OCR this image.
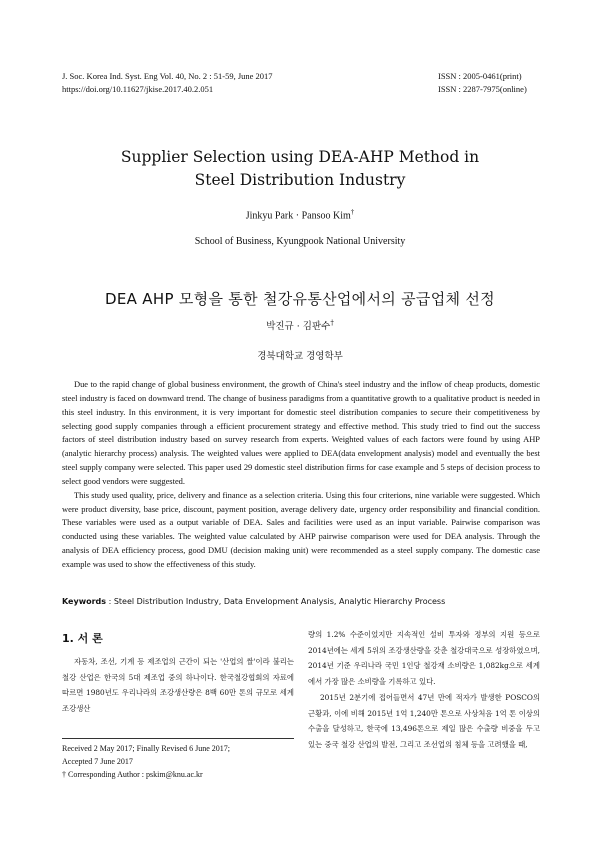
J. Soc. Korea Ind. Syst. Eng Vol. 40, No. 2 : 51-59, June 2017
https://doi.org/10.11627/jkise.2017.40.2.051
ISSN : 2005-0461(print)
ISSN : 2287-7975(online)
Supplier Selection using DEA-AHP Method in
Steel Distribution Industry
Jinkyu Park · Pansoo Kim†
School of Business, Kyungpook National University
DEA AHP 모형을 통한 철강유통산업에서의 공급업체 선정
박진규 · 김판수†
경북대학교 경영학부

Due to the rapid change of global business environment, the growth of China's steel industry and the inflow of cheap products, domestic steel industry is faced on downward trend. The change of business paradigms from a quantitative growth to a qualitative product is needed in this steel industry. In this environment, it is very important for domestic steel distribution companies to secure their competitiveness by selecting good supply companies through a efficient procurement strategy and effective method. This study tried to find out the success factors of steel distribution industry based on survey research from experts. Weighted values of each factors were found by using AHP (analytic hierarchy process) analysis. The weighted values were applied to DEA(data envelopment analysis) model and eventually the best steel supply company were selected. This paper used 29 domestic steel distribution firms for case example and 5 steps of decision process to select good vendors were suggested.

This study used quality, price, delivery and finance as a selection criteria. Using this four criterions, nine variable were suggested. Which were product diversity, base price, discount, payment position, average delivery date, urgency order responsibility and financial condition. These variables were used as a output variable of DEA. Sales and facilities were used as an input variable. Pairwise comparison was conducted using these variables. The weighted value calculated by AHP pairwise comparison were used for DEA analysis. Through the analysis of DEA efficiency process, good DMU (decision making unit) were recommended as a steel supply company. The domestic case example was used to show the effectiveness of this study.

Keywords : Steel Distribution Industry, Data Envelopment Analysis, Analytic Hierarchy Process
1. 서 론

자동차, 조선, 기계 등 제조업의 근간이 되는 '산업의 쌀'이라 불리는 철강 산업은 한국의 5대 제조업 중의 하나이다. 한국철강협회의 자료에 따르면 1980년도 우리나라의 조강생산량은 8백 60만 톤의 규모로 세계 조강생산

Received 2 May 2017; Finally Revised 6 June 2017;
Accepted 7 June 2017
† Corresponding Author : pskim@knu.ac.kr

량의 1.2% 수준이었지만 지속적인 설비 투자와 정부의 지원 등으로 2014년에는 세계 5위의 조강생산량을 갖춘 철강대국으로 성장하였으며, 2014년 기준 우리나라 국민 1인당 철강재 소비량은 1,082kg으로 세계에서 가장 많은 소비량을 기록하고 있다.

2015년 2분기에 접어들면서 47년 만에 적자가 발생한 POSCO의 근황과, 이에 비해 2015년 1억 1,240만 톤으로 사상처음 1억 톤 이상의 수출을 달성하고, 한국에 13,496톤으로 제일 많은 수출량 비중을 두고 있는 중국 철강 산업의 발전, 그리고 조선업의 침체 등을 고려했을 때,
